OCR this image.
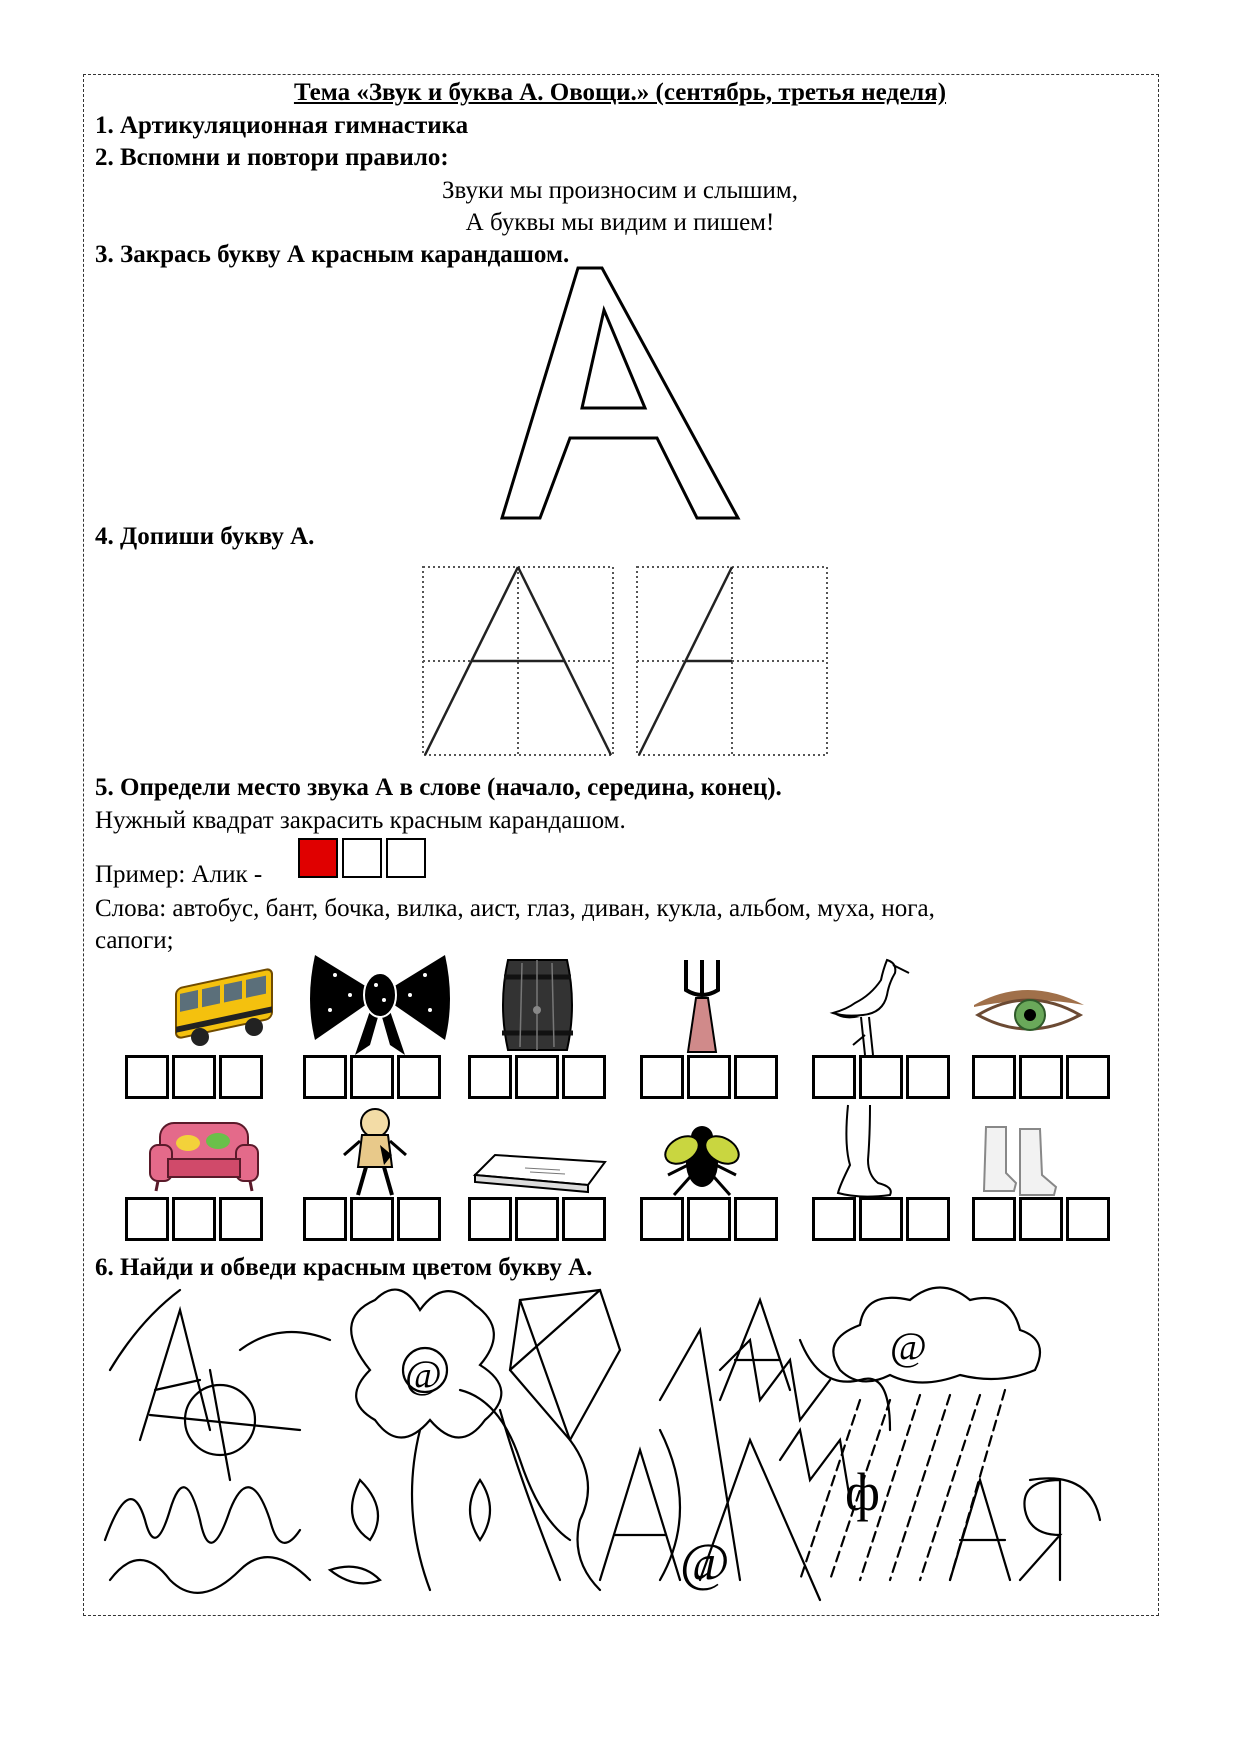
Тема «Звук и буква А. Овощи.» (сентябрь, третья неделя)
1. Артикуляционная гимнастика
2. Вспомни и повтори правило:
Звуки мы произносим и слышим,
А буквы мы видим и пишем!
3. Закрась букву А красным карандашом.
4. Допиши букву А.
5. Определи место звука А в слове (начало, середина, конец).
Нужный квадрат закрасить красным карандашом.
Пример: Алик -
Слова: автобус, бант, бочка, вилка, аист, глаз, диван, кукла, альбом, муха, нога,
сапоги;
6. Найди и обведи красным цветом букву А.
@
@
@
ф
